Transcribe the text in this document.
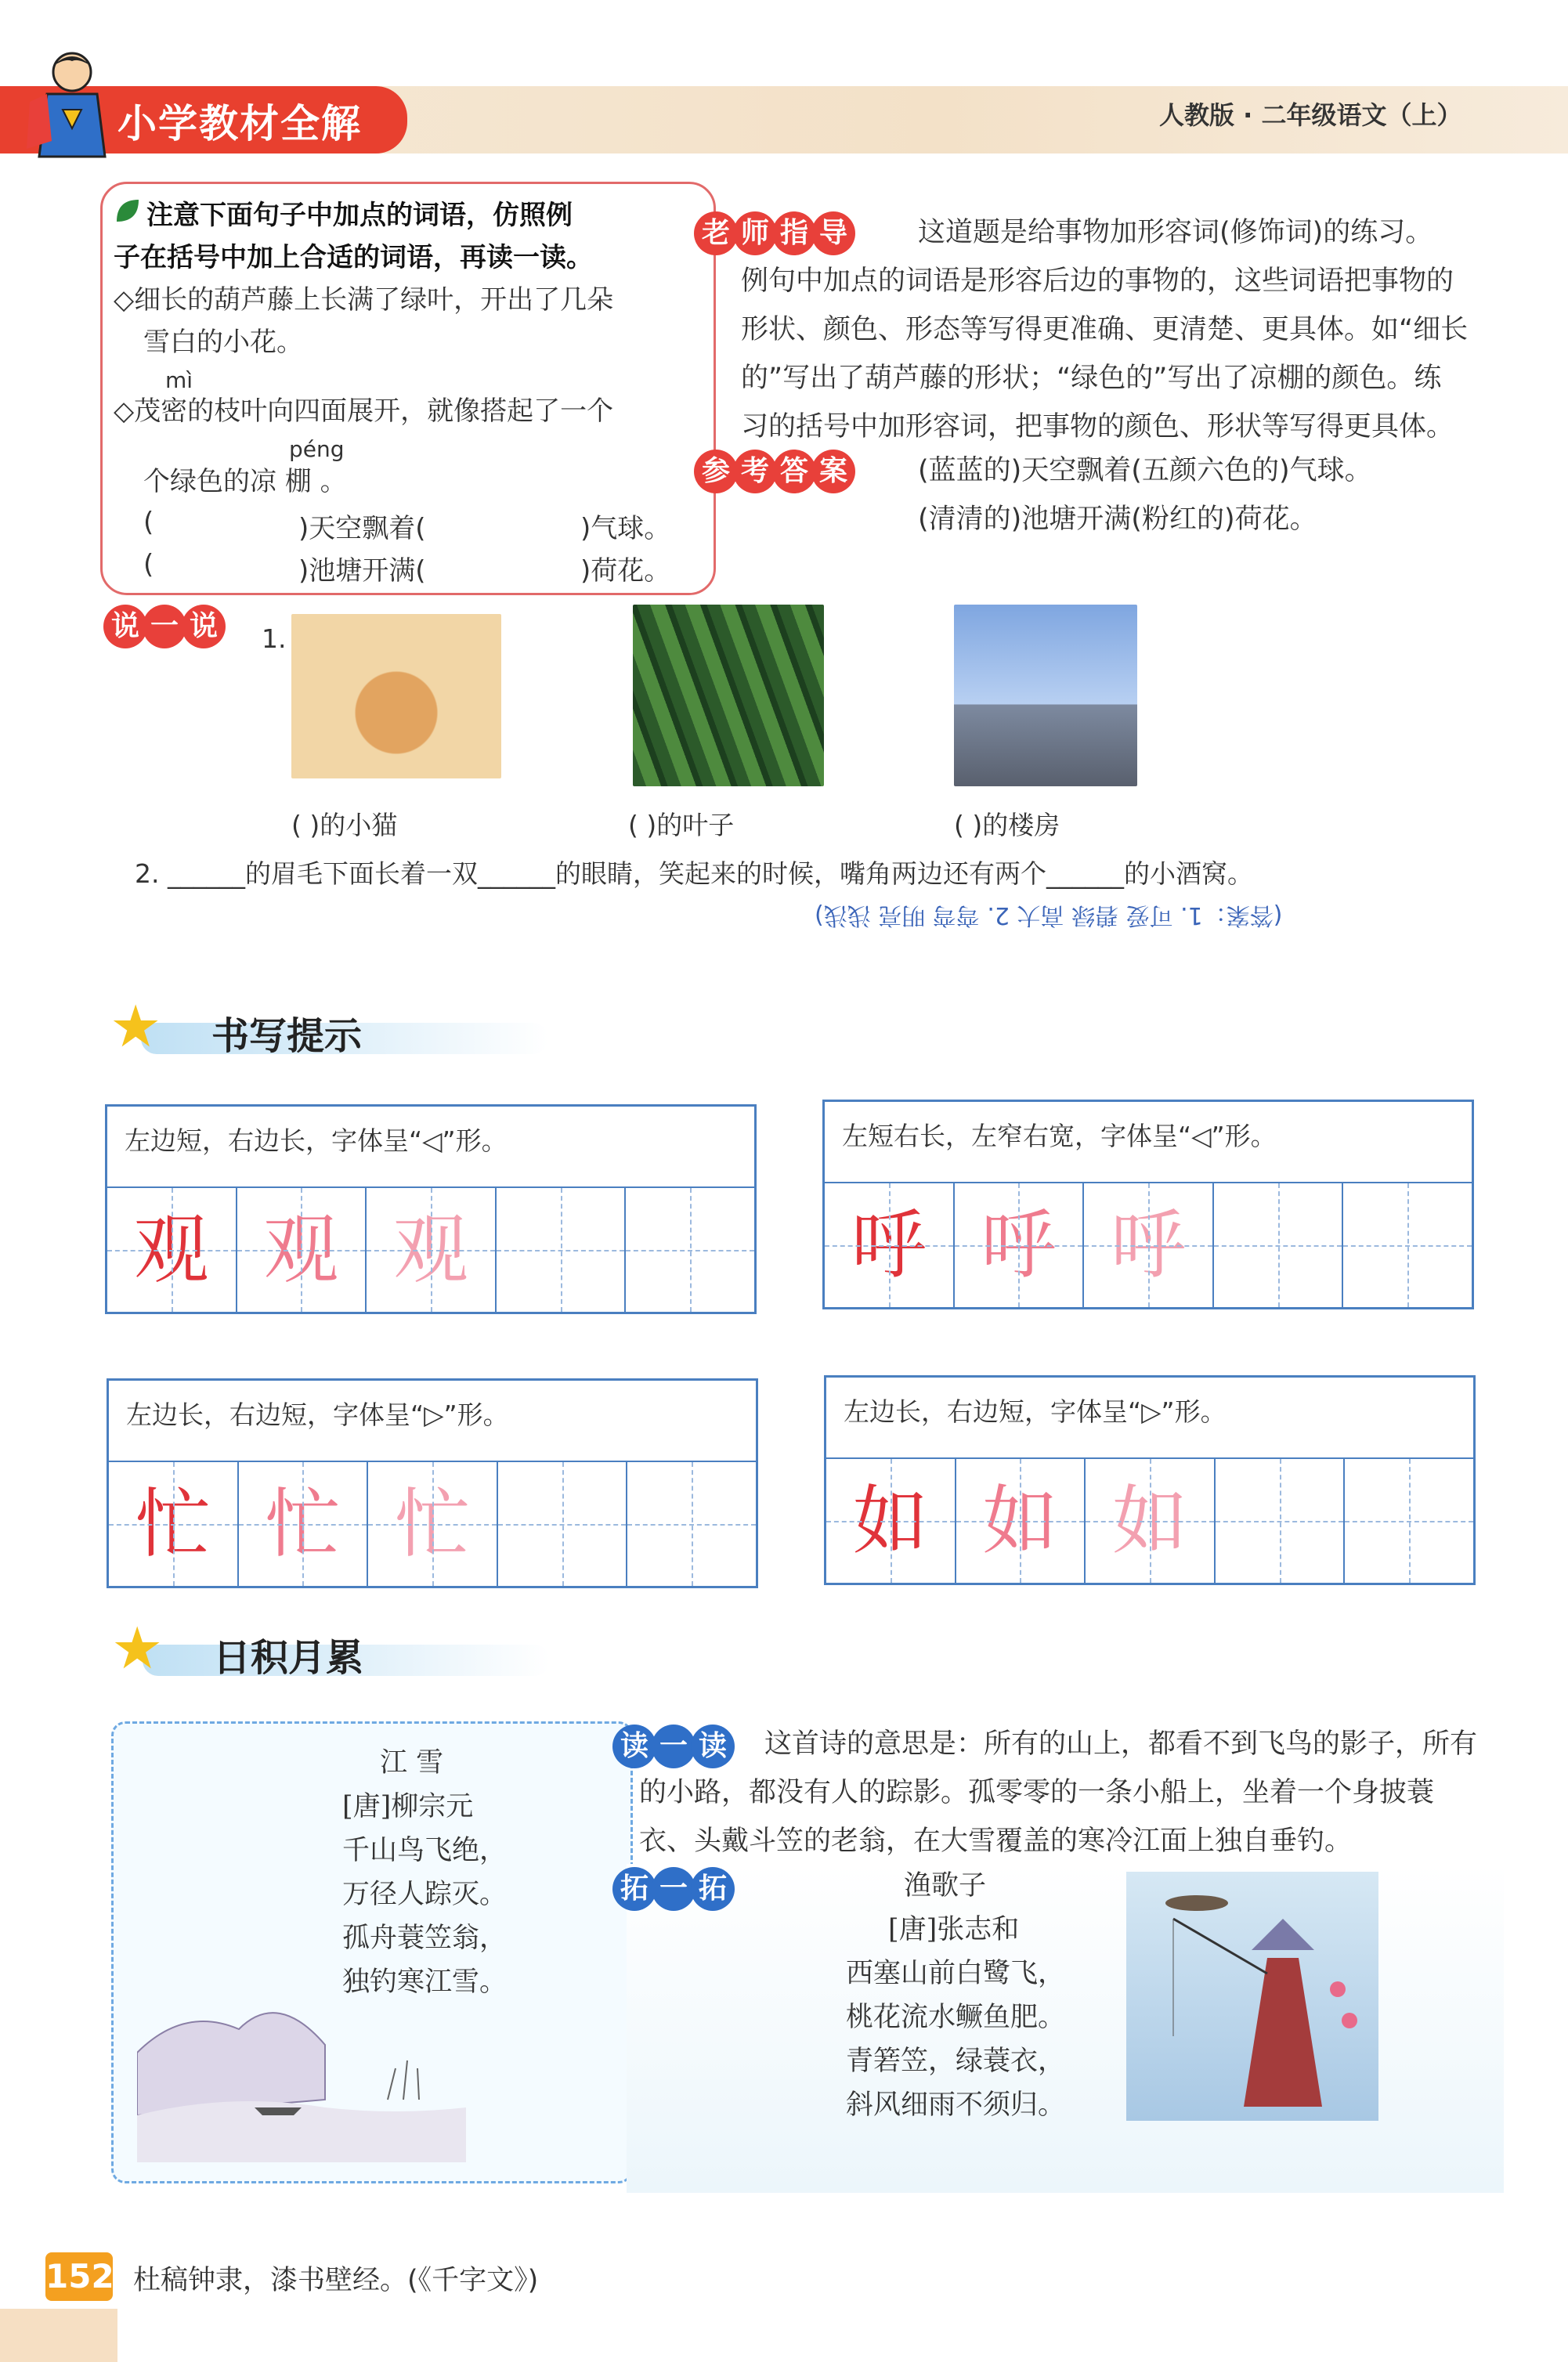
小学教材全解	人教版 · 二年级语文（上）
注意下面句子中加点的词语，仿照例
子在括号中加上合适的词语，再读一读。
◇细长的葫芦藤上长满了绿叶，开出了几朵
雪白的小花。
mì
◇茂密的枝叶向四面展开，就像搭起了一个
péng
个绿色的凉 棚 。
(	)天空飘着(	)气球。
(	)池塘开满(	)荷花。
老 师 指 导	这道题是给事物加形容词(修饰词)的练习。
例句中加点的词语是形容后边的事物的，这些词语把事物的
形状、颜色、形态等写得更准确、更清楚、更具体。如“细长
的”写出了葫芦藤的形状；“绿色的”写出了凉棚的颜色。练
习的括号中加形容词，把事物的颜色、形状等写得更具体。
参 考 答 案	(蓝蓝的)天空飘着(五颜六色的)气球。
(清清的)池塘开满(粉红的)荷花。
说 一 说	1.
( )的小猫	( )的叶子	( )的楼房
2. ______的眉毛下面长着一双______的眼睛，笑起来的时候，嘴角两边还有两个______的小酒窝。
(答案：1. 可爱 碧绿 高大 2. 弯弯 明亮 浅浅)
★ 书写提示
左边短，右边长，字体呈“◁”形。
观 观 观
左短右长，左窄右宽，字体呈“◁”形。
呼 呼 呼
左边长，右边短，字体呈“▷”形。
忙 忙 忙
左边长，右边短，字体呈“▷”形。
如 如 如
★ 日积月累
江 雪
[唐]柳宗元
千山鸟飞绝，
万径人踪灭。
孤舟蓑笠翁，
独钓寒江雪。
读 一 读 这首诗的意思是：所有的山上，都看不到飞鸟的影子，所有
的小路，都没有人的踪影。孤零零的一条小船上，坐着一个身披蓑
衣、头戴斗笠的老翁，在大雪覆盖的寒冷江面上独自垂钓。
拓 一 拓	渔歌子
[唐]张志和
西塞山前白鹭飞，
桃花流水鳜鱼肥。
青箬笠，绿蓑衣，
斜风细雨不须归。
152 杜稿钟隶，漆书壁经。(《千字文》)
